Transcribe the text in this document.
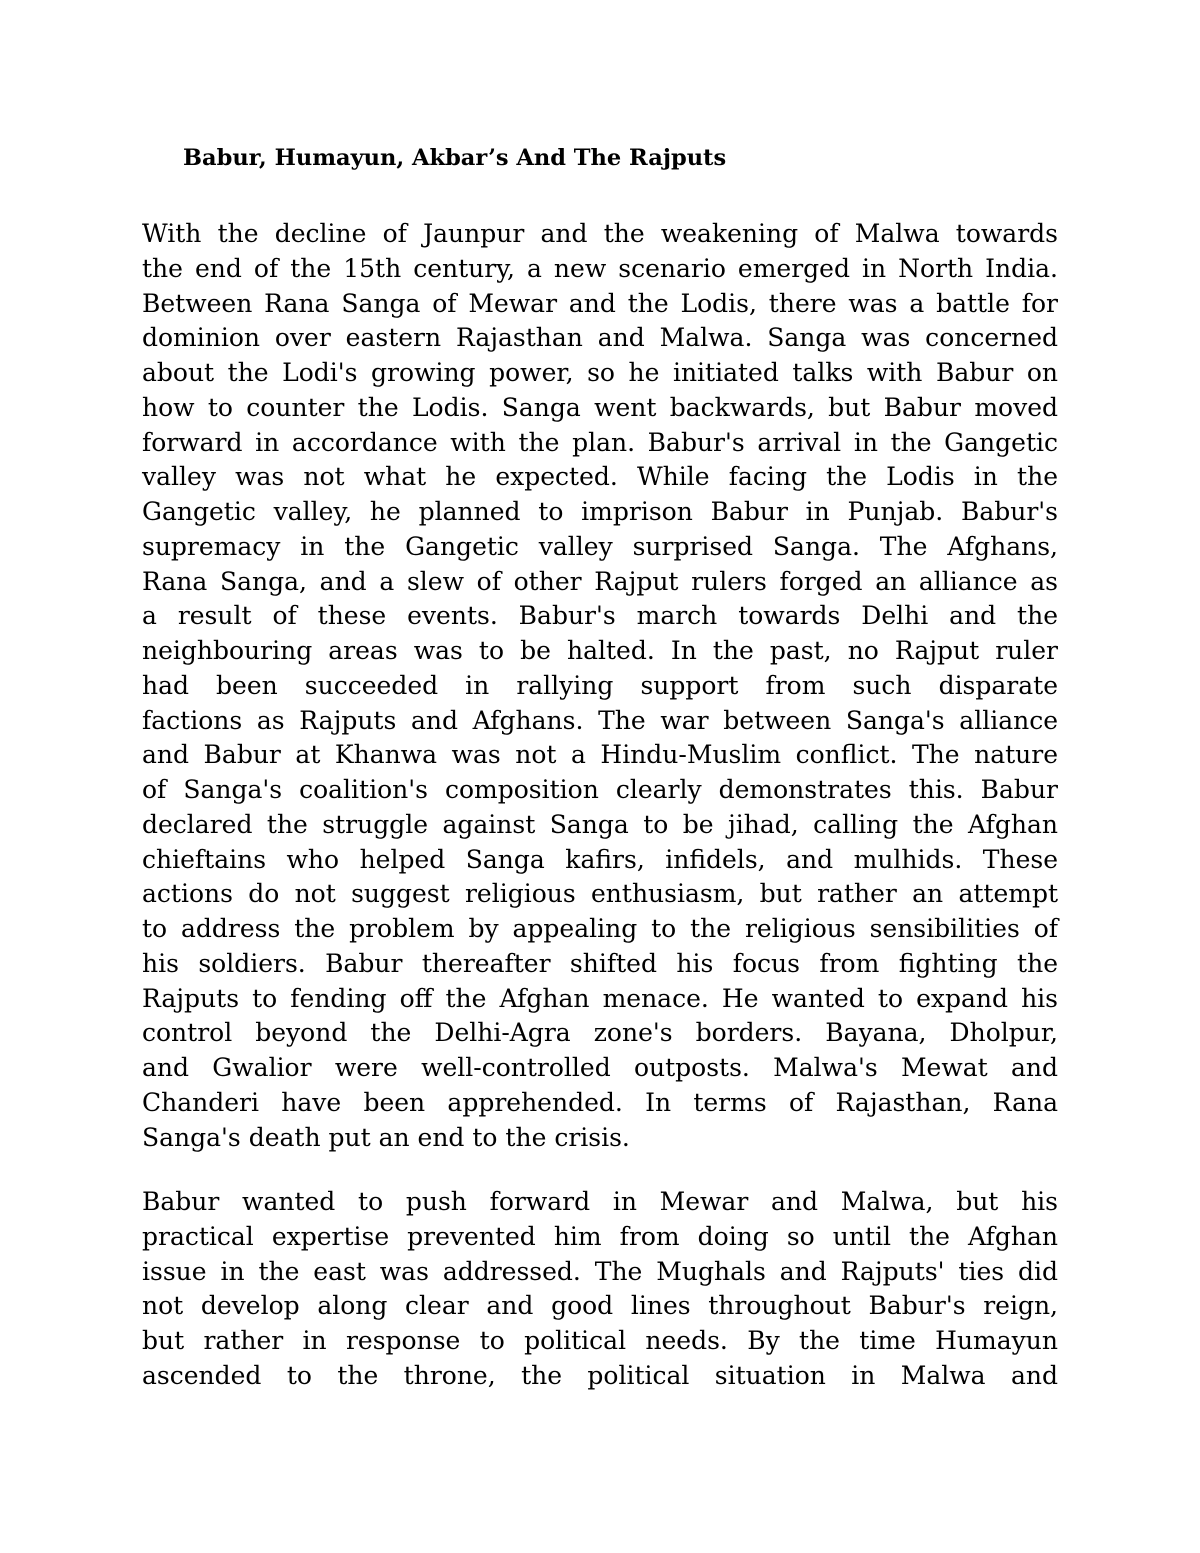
Babur, Humayun, Akbar’s And The Rajputs
With the decline of Jaunpur and the weakening of Malwa towards
the end of the 15th century, a new scenario emerged in North India.
Between Rana Sanga of Mewar and the Lodis, there was a battle for
dominion over eastern Rajasthan and Malwa. Sanga was concerned
about the Lodi's growing power, so he initiated talks with Babur on
how to counter the Lodis. Sanga went backwards, but Babur moved
forward in accordance with the plan. Babur's arrival in the Gangetic
valley was not what he expected. While facing the Lodis in the
Gangetic valley, he planned to imprison Babur in Punjab. Babur's
supremacy in the Gangetic valley surprised Sanga. The Afghans,
Rana Sanga, and a slew of other Rajput rulers forged an alliance as
a result of these events. Babur's march towards Delhi and the
neighbouring areas was to be halted. In the past, no Rajput ruler
had been succeeded in rallying support from such disparate
factions as Rajputs and Afghans. The war between Sanga's alliance
and Babur at Khanwa was not a Hindu-Muslim conflict. The nature
of Sanga's coalition's composition clearly demonstrates this. Babur
declared the struggle against Sanga to be jihad, calling the Afghan
chieftains who helped Sanga kafirs, infidels, and mulhids. These
actions do not suggest religious enthusiasm, but rather an attempt
to address the problem by appealing to the religious sensibilities of
his soldiers. Babur thereafter shifted his focus from fighting the
Rajputs to fending off the Afghan menace. He wanted to expand his
control beyond the Delhi-Agra zone's borders. Bayana, Dholpur,
and Gwalior were well-controlled outposts. Malwa's Mewat and
Chanderi have been apprehended. In terms of Rajasthan, Rana
Sanga's death put an end to the crisis.
Babur wanted to push forward in Mewar and Malwa, but his
practical expertise prevented him from doing so until the Afghan
issue in the east was addressed. The Mughals and Rajputs' ties did
not develop along clear and good lines throughout Babur's reign,
but rather in response to political needs. By the time Humayun
ascended to the throne, the political situation in Malwa and
